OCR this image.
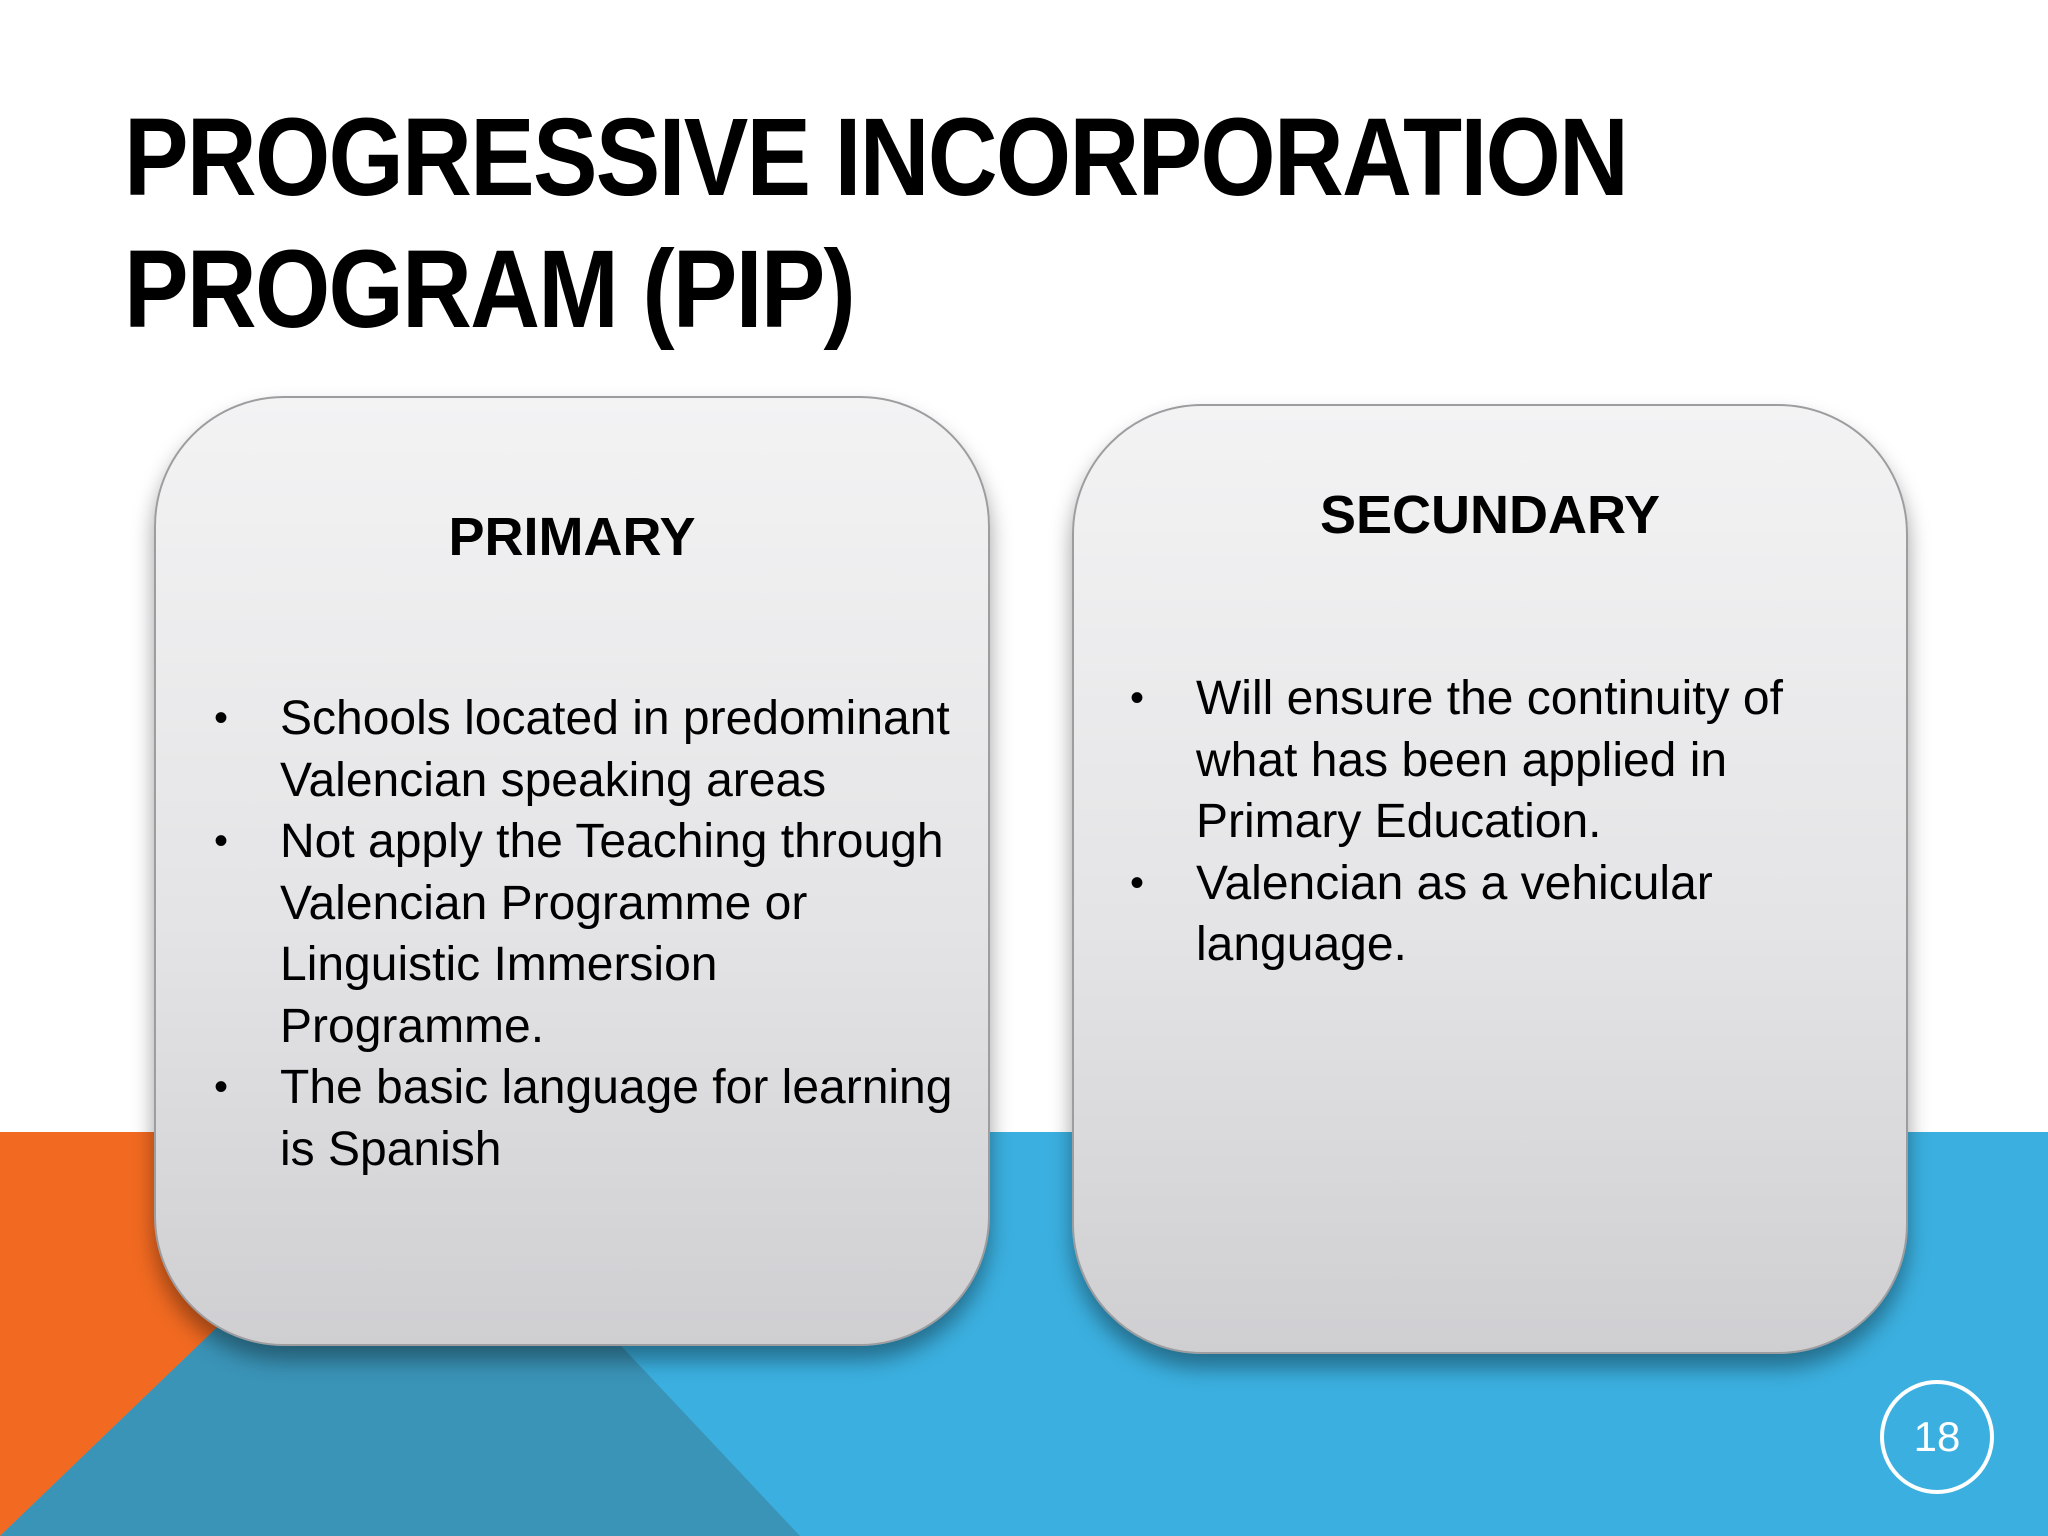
PROGRESSIVE INCORPORATION
PROGRAM (PIP)
PRIMARY
• Schools located in predominant Valencian speaking areas
• Not apply the Teaching through Valencian Programme or Linguistic Immersion Programme.
• The basic language for learning is Spanish
SECUNDARY
• Will ensure the continuity of what has been applied in Primary Education.
• Valencian as a vehicular language.
18
